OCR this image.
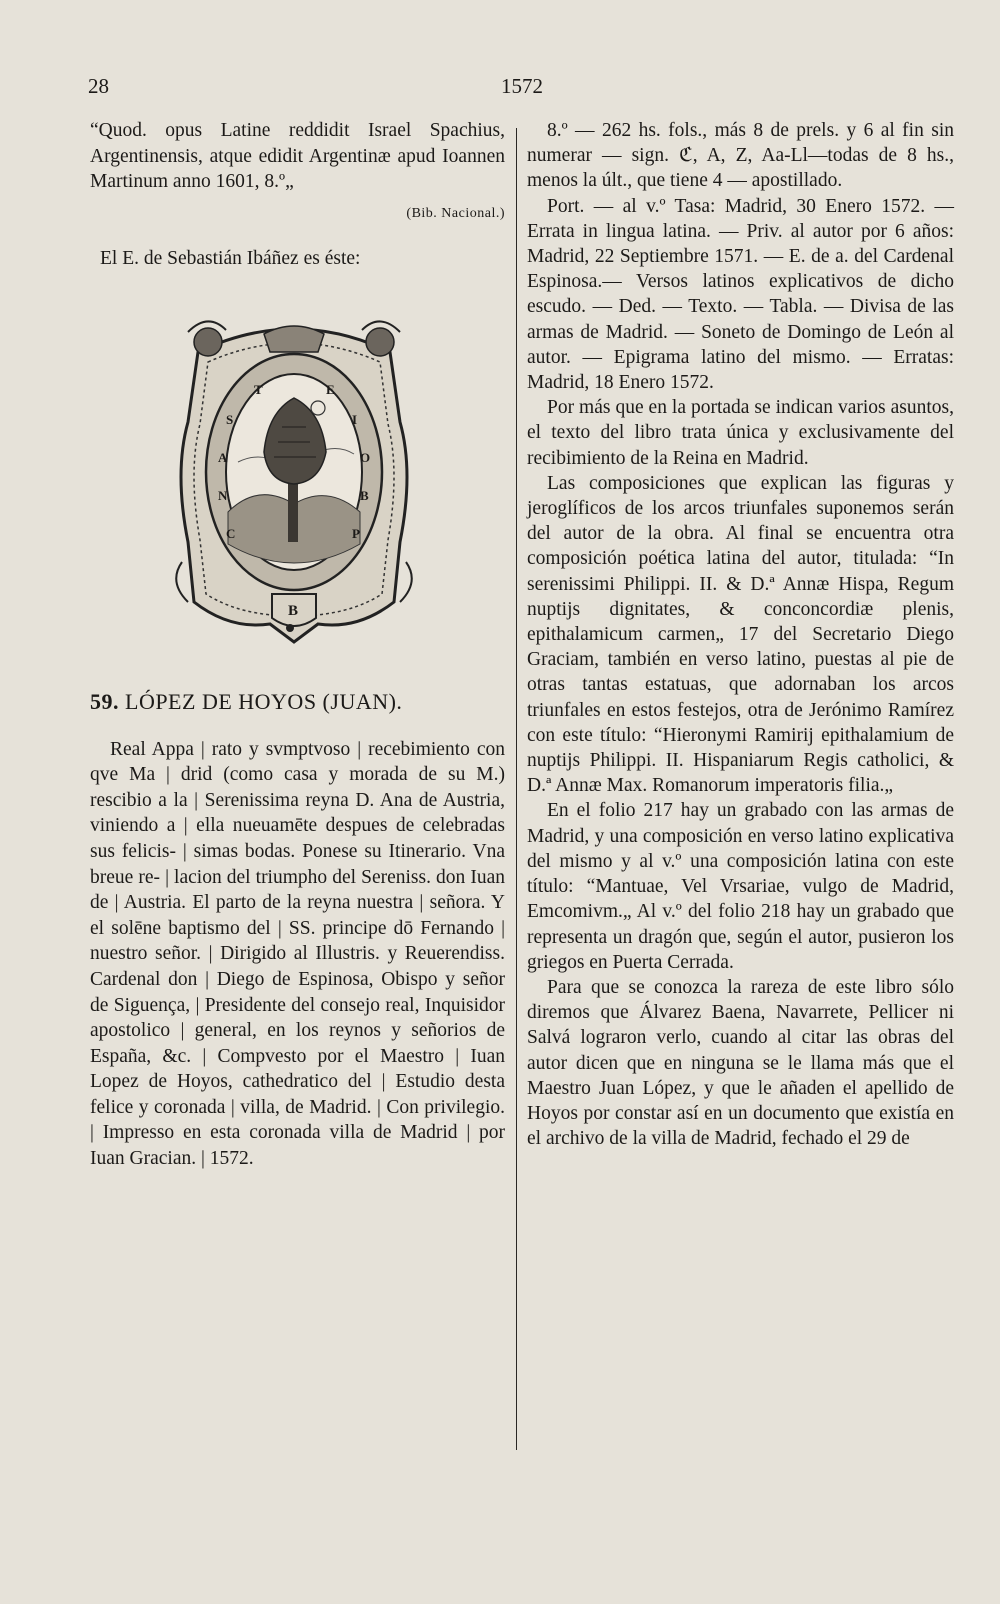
28	1572

“Quod. opus Latine reddidit Israel Spachius, Argentinensis, atque edidit Argentinæ apud Ioannen Martinum anno 1601, 8.º„

(Bib. Nacional.)

El E. de Sebastián Ibáñez es éste:

S
A
N
C
T
I
O
B
P
E
B

59. LÓPEZ DE HOYOS (JUAN).

Real Appa | rato y svmptvoso | recebimiento con qve Ma | drid (como casa y morada de su M.) rescibio a la | Serenissima reyna D. Ana de Austria, viniendo a | ella nueuamēte despues de celebradas sus felicis- | simas bodas. Ponese su Itinerario. Vna breue re- | lacion del triumpho del Sereniss. don Iuan de | Austria. El parto de la reyna nuestra | señora. Y el solēne baptismo del | SS. principe dō Fernando | nuestro señor. | Dirigido al Illustris. y Reuerendiss. Cardenal don | Diego de Espinosa, Obispo y señor de Siguença, | Presidente del consejo real, Inquisidor apostolico | general, en los reynos y señorios de España, &c. | Compvesto por el Maestro | Iuan Lopez de Hoyos, cathedratico del | Estudio desta felice y coronada | villa, de Madrid. | Con privilegio. | Impresso en esta coronada villa de Madrid | por Iuan Gracian. | 1572.

8.º — 262 hs. fols., más 8 de prels. y 6 al fin sin numerar — sign. ℭ, A, Z, Aa-Ll—todas de 8 hs., menos la últ., que tiene 4 — apostillado.

Port. — al v.º Tasa: Madrid, 30 Enero 1572. — Errata in lingua latina. — Priv. al autor por 6 años: Madrid, 22 Septiembre 1571. — E. de a. del Cardenal Espinosa.— Versos latinos explicativos de dicho escudo. — Ded. — Texto. — Tabla. — Divisa de las armas de Madrid. — Soneto de Domingo de León al autor. — Epigrama latino del mismo. — Erratas: Madrid, 18 Enero 1572.

Por más que en la portada se indican varios asuntos, el texto del libro trata única y exclusivamente del recibimiento de la Reina en Madrid.

Las composiciones que explican las figuras y jeroglíficos de los arcos triunfales suponemos serán del autor de la obra. Al final se encuentra otra composición poética latina del autor, titulada: “In serenissimi Philippi. II. & D.ª Annæ Hispa, Regum nuptijs dignitates, & conconcordiæ plenis, epithalamicum carmen„ 17 del Secretario Diego Graciam, también en verso latino, puestas al pie de otras tantas estatuas, que adornaban los arcos triunfales en estos festejos, otra de Jerónimo Ramírez con este título: “Hieronymi Ramirij epithalamium de nuptijs Philippi. II. Hispaniarum Regis catholici, & D.ª Annæ Max. Romanorum imperatoris filia.„

En el folio 217 hay un grabado con las armas de Madrid, y una composición en verso latino explicativa del mismo y al v.º una composición latina con este título: “Mantuae, Vel Vrsariae, vulgo de Madrid, Emcomivm.„ Al v.º del folio 218 hay un grabado que representa un dragón que, según el autor, pusieron los griegos en Puerta Cerrada.

Para que se conozca la rareza de este libro sólo diremos que Álvarez Baena, Navarrete, Pellicer ni Salvá lograron verlo, cuando al citar las obras del autor dicen que en ninguna se le llama más que el Maestro Juan López, y que le añaden el apellido de Hoyos por constar así en un documento que existía en el archivo de la villa de Madrid, fechado el 29 de
